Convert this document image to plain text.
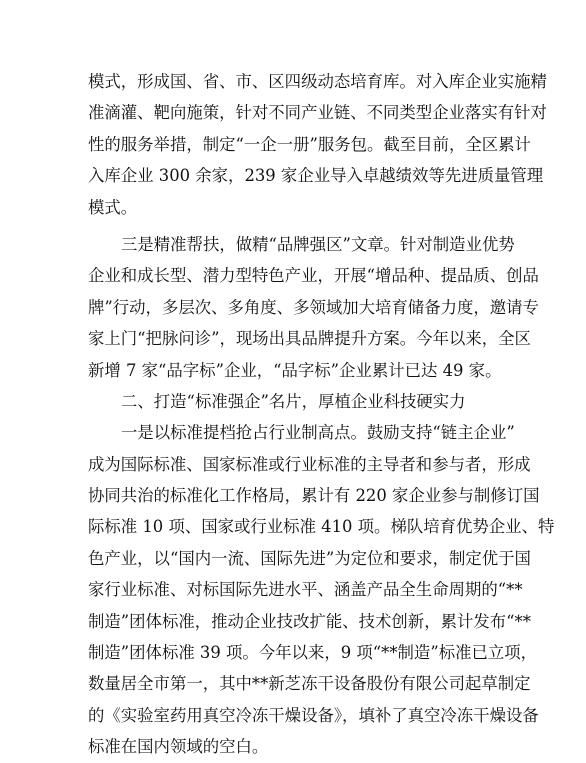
模式，形成国、省、市、区四级动态培育库。对入库企业实施精
准滴灌、靶向施策，针对不同产业链、不同类型企业落实有针对
性的服务举措，制定“一企一册”服务包。截至目前，全区累计
入库企业 300 余家，239 家企业导入卓越绩效等先进质量管理
模式。
三是精准帮扶，做精“品牌强区”文章。针对制造业优势
企业和成长型、潜力型特色产业，开展“增品种、提品质、创品
牌”行动，多层次、多角度、多领域加大培育储备力度，邀请专
家上门“把脉问诊”，现场出具品牌提升方案。今年以来，全区
新增 7 家“品字标”企业，“品字标”企业累计已达 49 家。
二、打造“标准强企”名片，厚植企业科技硬实力
一是以标准提档抢占行业制高点。鼓励支持“链主企业”
成为国际标准、国家标准或行业标准的主导者和参与者，形成
协同共治的标准化工作格局，累计有 220 家企业参与制修订国
际标准 10 项、国家或行业标准 410 项。梯队培育优势企业、特
色产业，以“国内一流、国际先进”为定位和要求，制定优于国
家行业标准、对标国际先进水平、涵盖产品全生命周期的“**
制造”团体标准，推动企业技改扩能、技术创新，累计发布“**
制造”团体标准 39 项。今年以来，9 项“**制造”标准已立项，
数量居全市第一，其中**新芝冻干设备股份有限公司起草制定
的《实验室药用真空冷冻干燥设备》，填补了真空冷冻干燥设备
标准在国内领域的空白。
